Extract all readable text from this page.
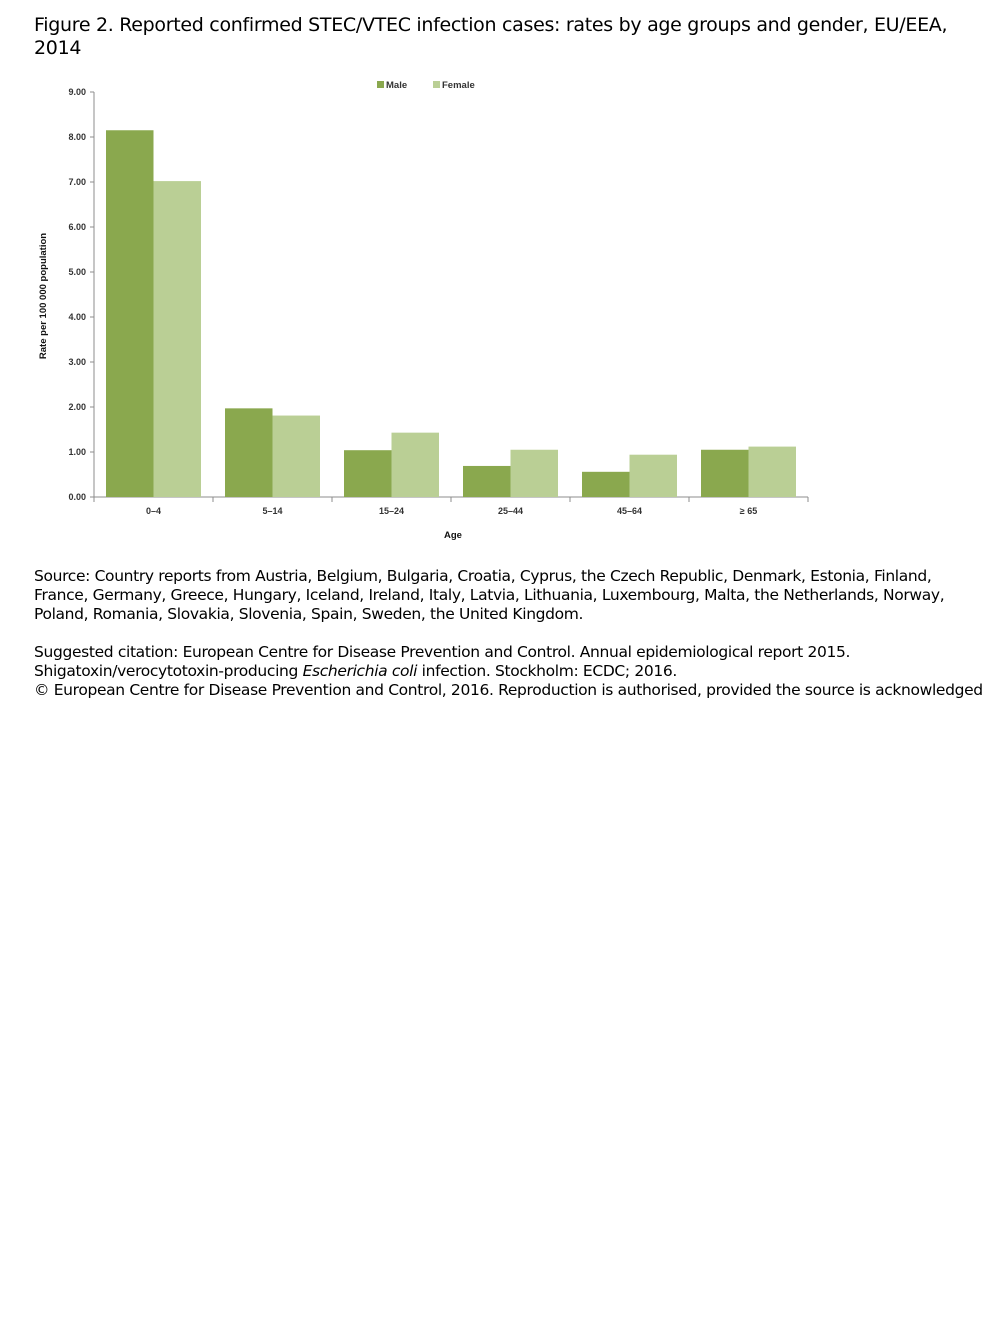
Figure 2. Reported confirmed STEC/VTEC infection cases: rates by age groups and gender, EU/EEA, 2014
Male	Female
0.00
1.00
2.00
3.00
4.00
5.00
6.00
7.00
8.00
9.00
0–4	5–14	15–24	25–44	45–64	≥ 65
Rate per 100 000 population
Age
Source: Country reports from Austria, Belgium, Bulgaria, Croatia, Cyprus, the Czech Republic, Denmark, Estonia, Finland, France, Germany, Greece, Hungary, Iceland, Ireland, Italy, Latvia, Lithuania, Luxembourg, Malta, the Netherlands, Norway, Poland, Romania, Slovakia, Slovenia, Spain, Sweden, the United Kingdom.
Suggested citation: European Centre for Disease Prevention and Control. Annual epidemiological report 2015.
Shigatoxin/verocytotoxin-producing Escherichia coli infection. Stockholm: ECDC; 2016.
© European Centre for Disease Prevention and Control, 2016. Reproduction is authorised, provided the source is acknowledged
